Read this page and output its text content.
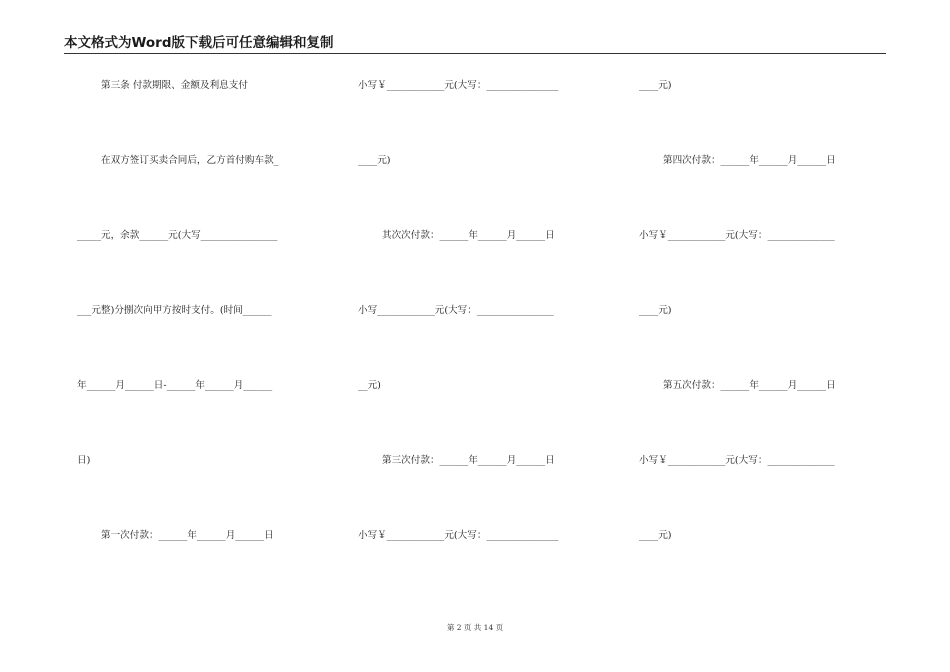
本文格式为Word版下载后可任意编辑和复制
第三条 付款期限、金额及利息支付
在双方签订买卖合同后，乙方首付购车款_
_____元，余款______元(大写________________
___元整)分捌次向甲方按时支付。(时间______
年______月______日-______年______月______
日)
第一次付款：______年______月______日
小写￥____________元(大写：_______________
____元)
其次次付款：______年______月______日
小写____________元(大写：________________
__元)
第三次付款：______年______月______日
小写￥____________元(大写：_______________
____元)
第四次付款：______年______月______日
小写￥____________元(大写：______________
____元)
第五次付款：______年______月______日
小写￥____________元(大写：______________
____元)
第 2 页 共 14 页
